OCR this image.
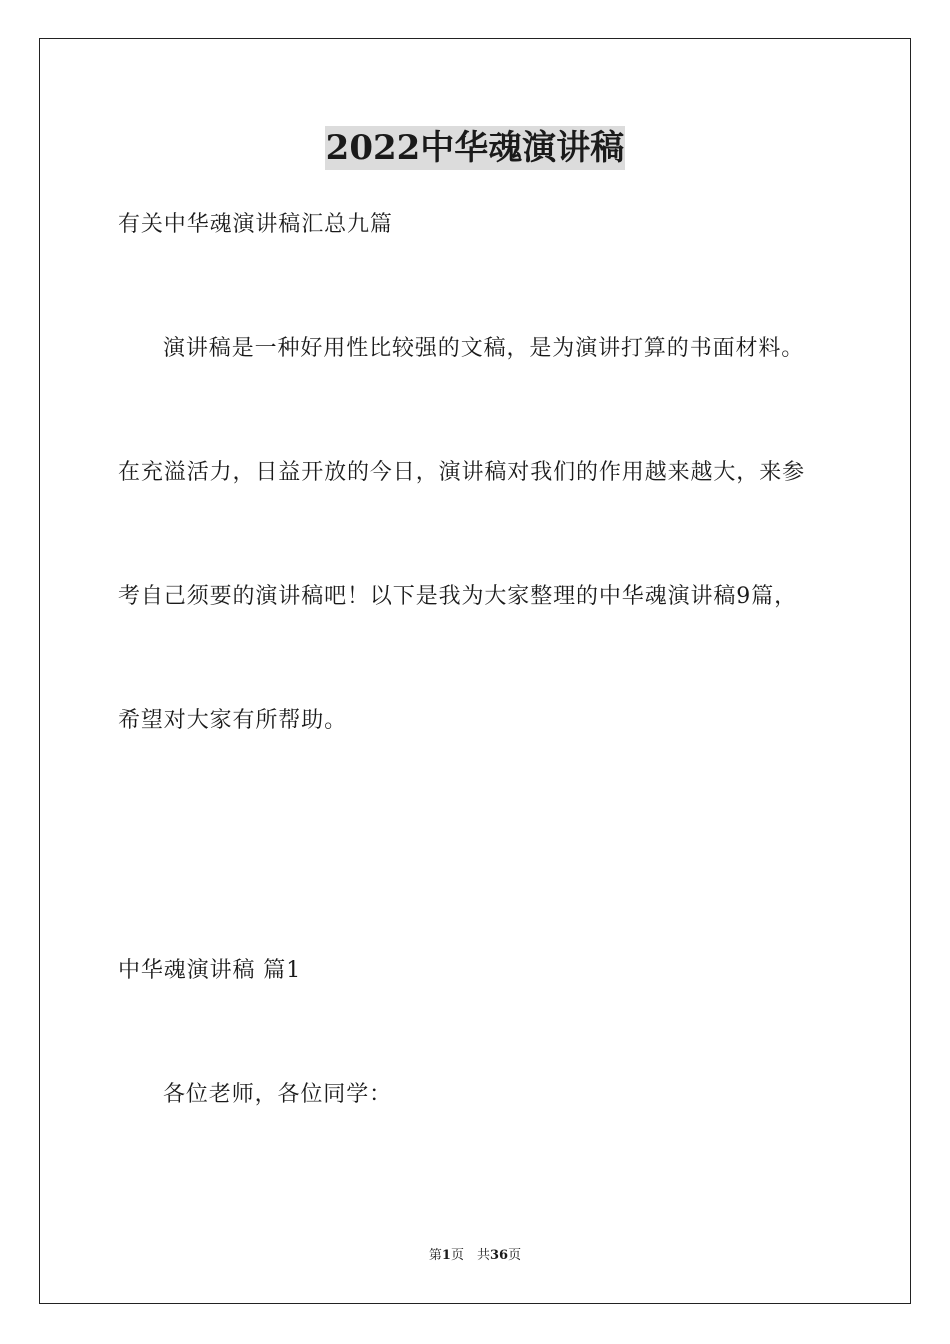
2022中华魂演讲稿
有关中华魂演讲稿汇总九篇
演讲稿是一种好用性比较强的文稿，是为演讲打算的书面材料。
在充溢活力，日益开放的今日，演讲稿对我们的作用越来越大，来参
考自己须要的演讲稿吧！以下是我为大家整理的中华魂演讲稿9篇，
希望对大家有所帮助。
中华魂演讲稿 篇1
各位老师，各位同学：
第1页　共36页
